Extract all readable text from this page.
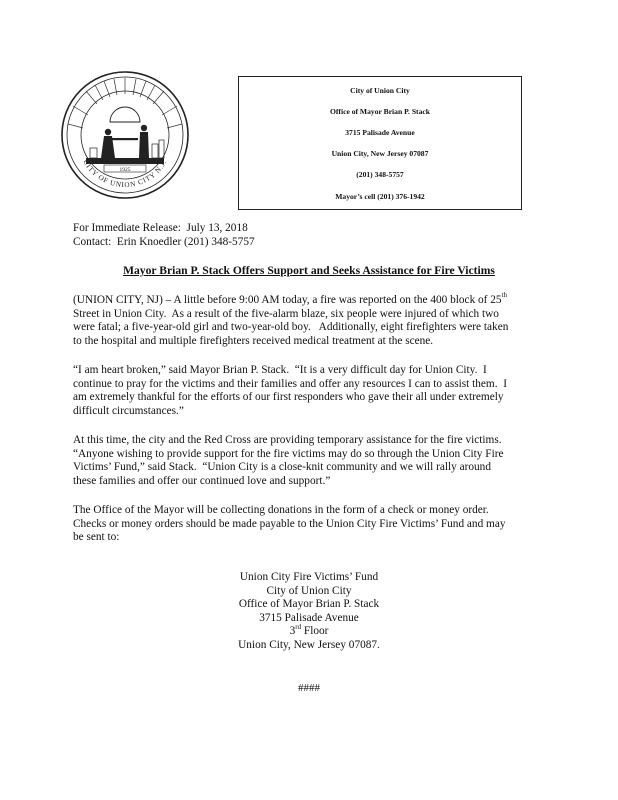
1925
CITY OF UNION CITY N.J.
City of Union City
Office of Mayor Brian P. Stack
3715 Palisade Avenue
Union City, New Jersey 07087
(201) 348-5757
Mayor’s cell (201) 376-1942
For Immediate Release:  July 13, 2018
Contact:  Erin Knoedler (201) 348-5757
Mayor Brian P. Stack Offers Support and Seeks Assistance for Fire Victims
(UNION CITY, NJ) – A little before 9:00 AM today, a fire was reported on the 400 block of 25th
Street in Union City.  As a result of the five-alarm blaze, six people were injured of which two
were fatal; a five-year-old girl and two-year-old boy.   Additionally, eight firefighters were taken
to the hospital and multiple firefighters received medical treatment at the scene.
“I am heart broken,” said Mayor Brian P. Stack.  “It is a very difficult day for Union City.  I
continue to pray for the victims and their families and offer any resources I can to assist them.  I
am extremely thankful for the efforts of our first responders who gave their all under extremely
difficult circumstances.”
At this time, the city and the Red Cross are providing temporary assistance for the fire victims.
“Anyone wishing to provide support for the fire victims may do so through the Union City Fire
Victims’ Fund,” said Stack.  “Union City is a close-knit community and we will rally around
these families and offer our continued love and support.”
The Office of the Mayor will be collecting donations in the form of a check or money order.
Checks or money orders should be made payable to the Union City Fire Victims’ Fund and may
be sent to:
Union City Fire Victims’ Fund
City of Union City
Office of Mayor Brian P. Stack
3715 Palisade Avenue
3rd Floor
Union City, New Jersey 07087.
####
